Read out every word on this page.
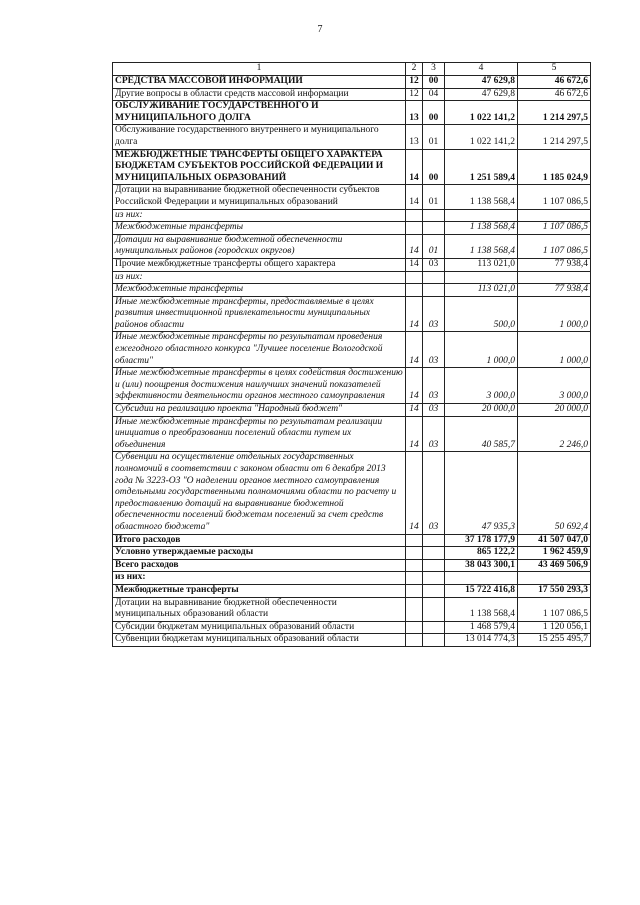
7
1	2	3	4	5
СРЕДСТВА МАССОВОЙ ИНФОРМАЦИИ	12	00	47 629,8	46 672,6
Другие вопросы в области средств массовой информации	12	04	47 629,8	46 672,6
ОБСЛУЖИВАНИЕ ГОСУДАРСТВЕННОГО И МУНИЦИПАЛЬНОГО ДОЛГА	13	00	1 022 141,2	1 214 297,5
Обслуживание государственного внутреннего и муниципального долга	13	01	1 022 141,2	1 214 297,5
МЕЖБЮДЖЕТНЫЕ ТРАНСФЕРТЫ ОБЩЕГО ХАРАКТЕРА БЮДЖЕТАМ СУБЪЕКТОВ РОССИЙСКОЙ ФЕДЕРАЦИИ И МУНИЦИПАЛЬНЫХ ОБРАЗОВАНИЙ	14	00	1 251 589,4	1 185 024,9
Дотации на выравнивание бюджетной обеспеченности субъектов Российской Федерации и муниципальных образований	14	01	1 138 568,4	1 107 086,5
из них:				
Межбюджетные трансферты			1 138 568,4	1 107 086,5
Дотации на выравнивание бюджетной обеспеченности муниципальных районов (городских округов)	14	01	1 138 568,4	1 107 086,5
Прочие межбюджетные трансферты общего характера	14	03	113 021,0	77 938,4
из них:				
Межбюджетные трансферты			113 021,0	77 938,4
Иные межбюджетные трансферты, предоставляемые в целях развития инвестиционной привлекательности муниципальных районов области	14	03	500,0	1 000,0
Иные межбюджетные трансферты по результатам проведения ежегодного областного конкурса "Лучшее поселение Вологодской области"	14	03	1 000,0	1 000,0
Иные межбюджетные трансферты в целях содействия достижению и (или) поощрения достижения наилучших значений показателей эффективности деятельности органов местного самоуправления	14	03	3 000,0	3 000,0
Субсидии на реализацию проекта "Народный бюджет"	14	03	20 000,0	20 000,0
Иные межбюджетные трансферты по результатам реализации инициатив о преобразовании поселений области путем их объединения	14	03	40 585,7	2 246,0
Субвенции на осуществление отдельных государственных полномочий в соответствии с законом области от 6 декабря 2013 года № 3223-ОЗ "О наделении органов местного самоуправления отдельными государственными полномочиями области по расчету и предоставлению дотаций на выравнивание бюджетной обеспеченности поселений бюджетам поселений за счет средств областного бюджета"	14	03	47 935,3	50 692,4
Итого расходов			37 178 177,9	41 507 047,0
Условно утверждаемые расходы			865 122,2	1 962 459,9
Всего расходов			38 043 300,1	43 469 506,9
из них:				
Межбюджетные трансферты			15 722 416,8	17 550 293,3
Дотации на выравнивание бюджетной обеспеченности муниципальных образований области			1 138 568,4	1 107 086,5
Субсидии бюджетам муниципальных образований области			1 468 579,4	1 120 056,1
Субвенции бюджетам муниципальных образований области			13 014 774,3	15 255 495,7
